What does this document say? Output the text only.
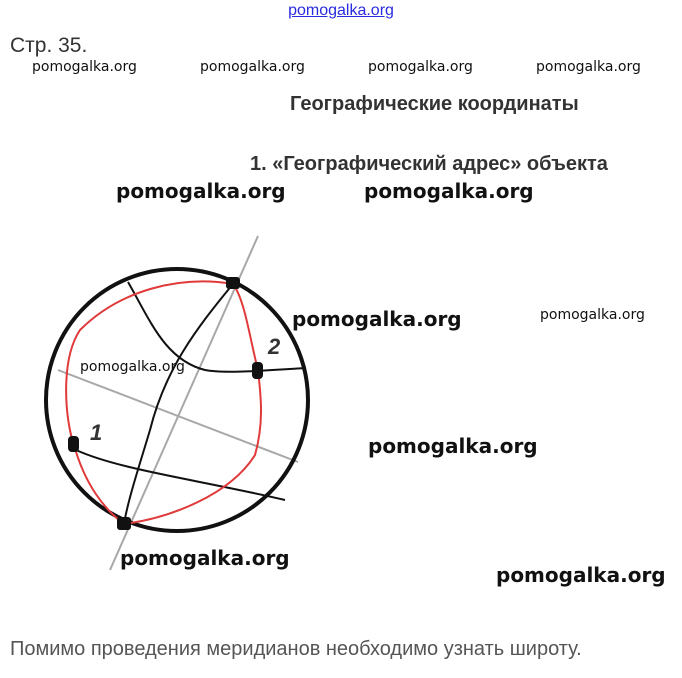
pomogalka.org
Стр. 35.
pomogalka.org	pomogalka.org	pomogalka.org	pomogalka.org
Географические координаты
1. «Географический адрес» объекта
pomogalka.org	pomogalka.org
2
1
pomogalka.org	pomogalka.org
pomogalka.org
pomogalka.org
pomogalka.org
pomogalka.org
Помимо проведения меридианов необходимо узнать широту.
